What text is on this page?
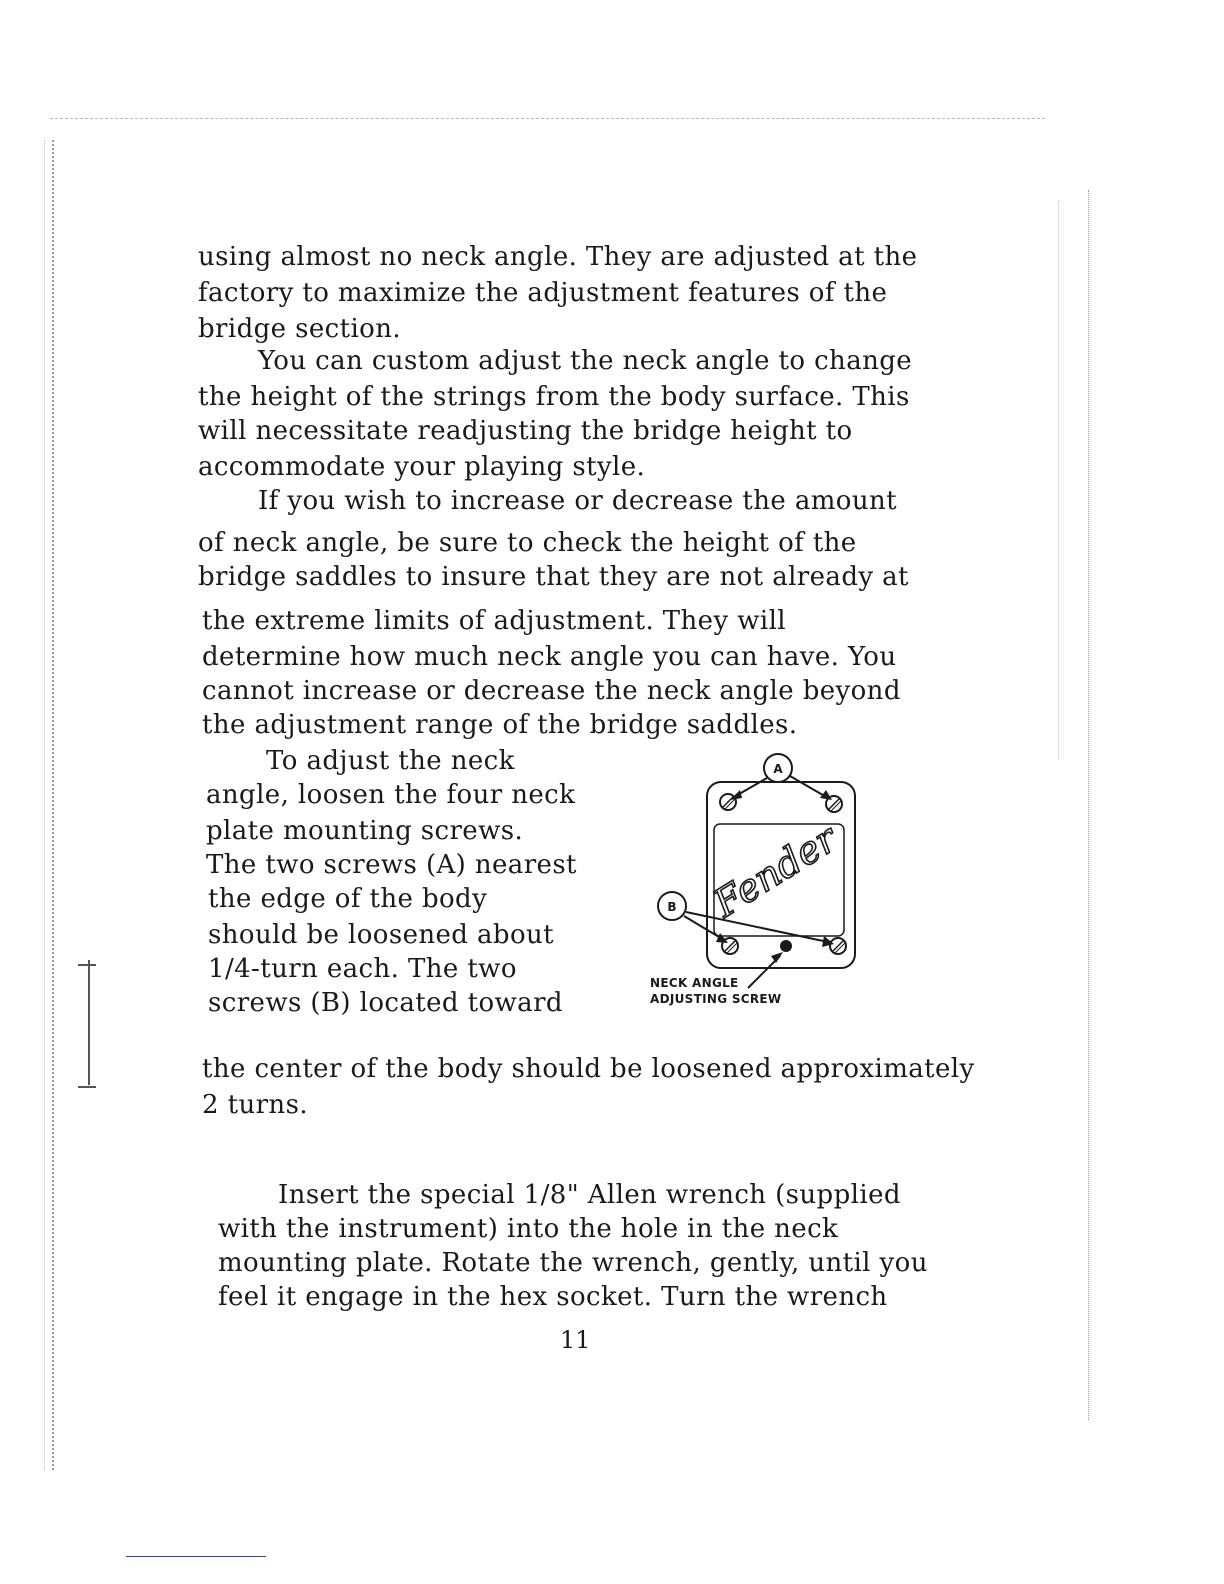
using almost no neck angle. They are adjusted at the
factory to maximize the adjustment features of the
bridge section.
You can custom adjust the neck angle to change
the height of the strings from the body surface. This
will necessitate readjusting the bridge height to
accommodate your playing style.
If you wish to increase or decrease the amount
of neck angle, be sure to check the height of the
bridge saddles to insure that they are not already at
the extreme limits of adjustment. They will
determine how much neck angle you can have. You
cannot increase or decrease the neck angle beyond
the adjustment range of the bridge saddles.
To adjust the neck
angle, loosen the four neck
plate mounting screws.
The two screws (A) nearest
the edge of the body
should be loosened about
1/4-turn each. The two
screws (B) located toward
the center of the body should be loosened approximately
2 turns.
Insert the special 1/8" Allen wrench (supplied
with the instrument) into the hole in the neck
mounting plate. Rotate the wrench, gently, until you
feel it engage in the hex socket. Turn the wrench
A
B Fender
NECK ANGLE
ADJUSTING SCREW
11
